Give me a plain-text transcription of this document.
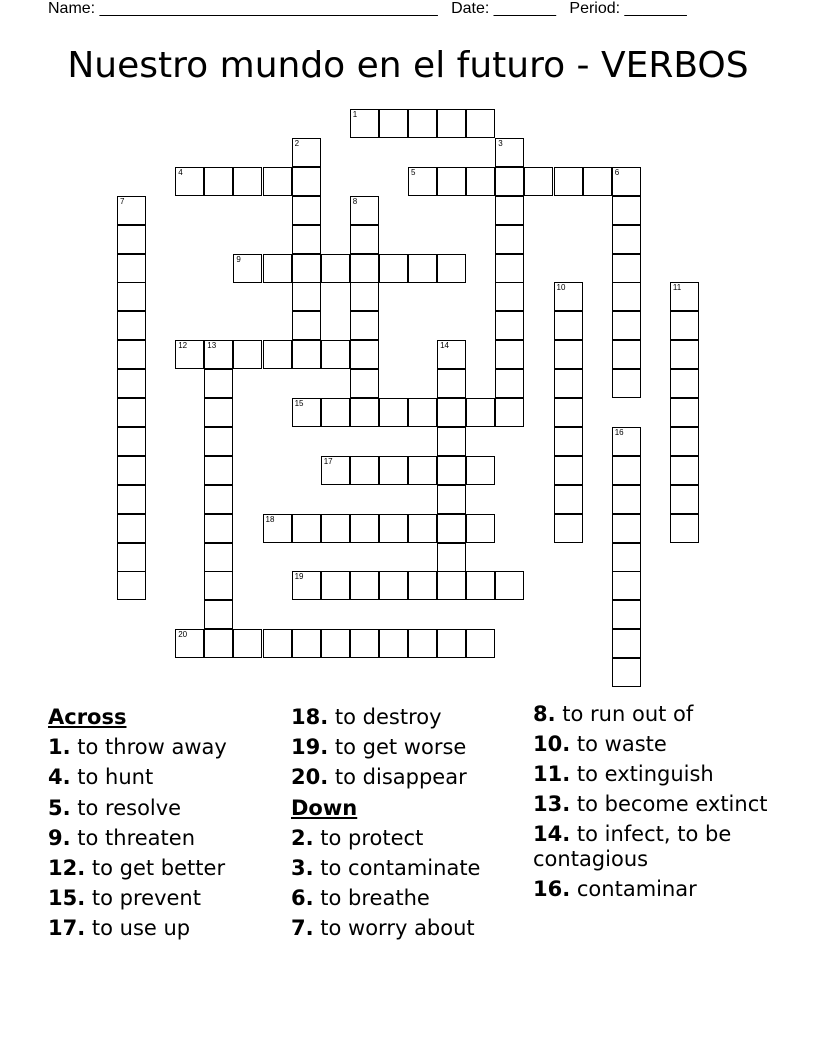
Name: ______________________________________ Date: _______ Period: _______
Nuestro mundo en el futuro - VERBOS
1
2	3
4	5	6
7	8
9
10	11
12	13	14
15
16
17
18
19
20
Across
1. to throw away
4. to hunt
5. to resolve
9. to threaten
12. to get better
15. to prevent
17. to use up
18. to destroy
19. to get worse
20. to disappear
Down
2. to protect
3. to contaminate
6. to breathe
7. to worry about
8. to run out of
10. to waste
11. to extinguish
13. to become extinct
14. to infect, to be contagious
16. contaminar
